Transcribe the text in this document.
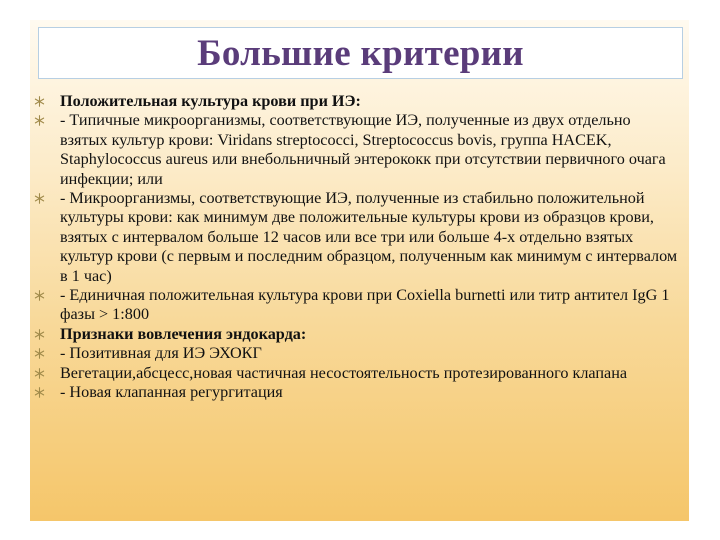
Большие критерии
Положительная культура крови при ИЭ:
- Типичные микроорганизмы, соответствующие ИЭ, полученные из двух отдельно взятых культур крови: Viridans streptococci, Streptococcus bovis, группа HACEK, Staphylococcus aureus или внебольничный энтерококк при отсутствии первичного очага инфекции; или
- Микроорганизмы, соответствующие ИЭ, полученные из стабильно положительной культуры крови: как минимум две положительные культуры крови из образцов крови, взятых с интервалом больше 12 часов или все три или больше 4-х отдельно взятых культур крови (с первым и последним образцом, полученным как минимум с интервалом в 1 час)
- Единичная положительная культура крови при Coxiella burnetti или титр антител IgG 1 фазы > 1:800
Признаки вовлечения эндокарда:
- Позитивная для ИЭ ЭХОКГ
Вегетации,абсцесс,новая частичная несостоятельность протезированного клапана
- Новая клапанная регургитация
